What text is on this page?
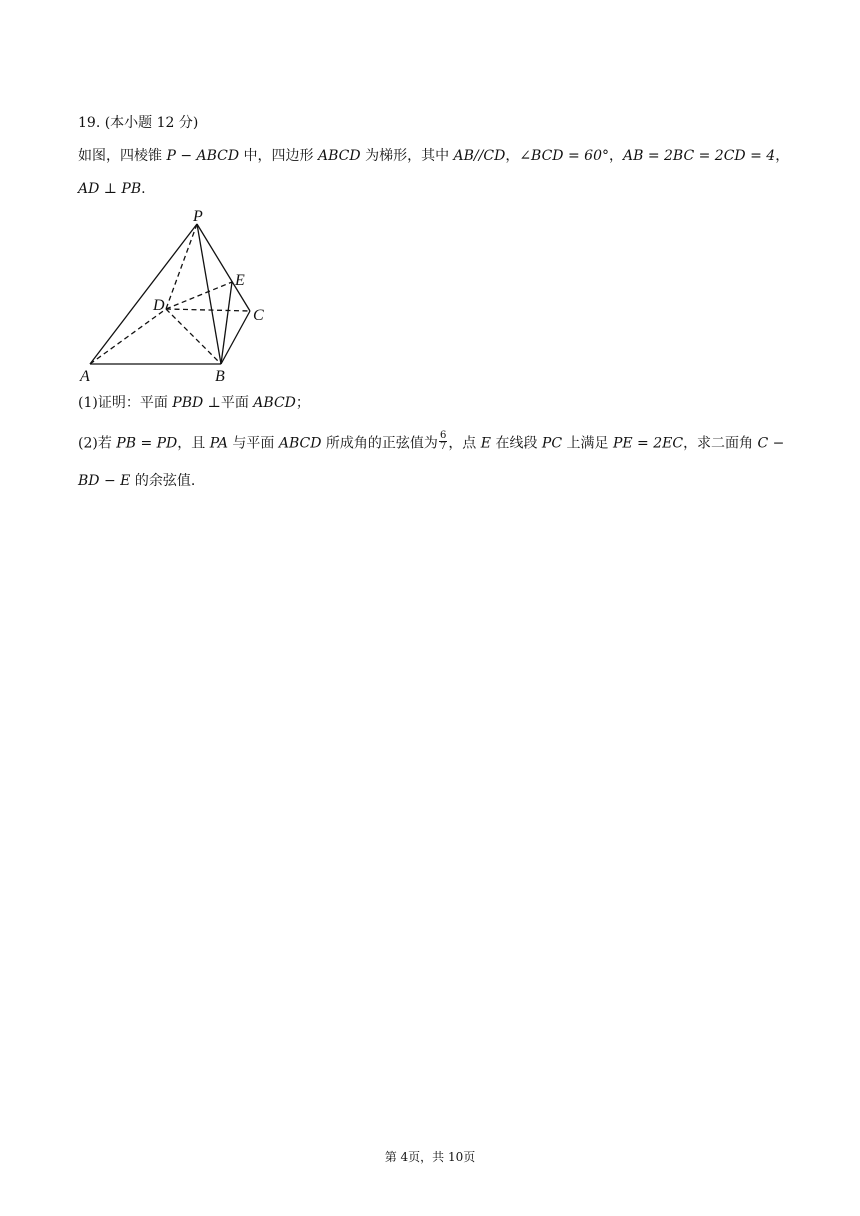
19. (本小题 12 分)
如图，四棱锥 P − ABCD 中，四边形 ABCD 为梯形，其中 AB//CD，∠BCD = 60°，AB = 2BC = 2CD = 4，
AD ⊥ PB.
P
E
D
C
A	B
(1)证明：平面 PBD ⊥平面 ABCD；
(2)若 PB = PD，且 PA 与平面 ABCD 所成角的正弦值为 $\frac{6}{7}$ ，点 E 在线段 PC 上满足 PE = 2EC，求二面角 C −
BD − E 的余弦值.
第 4页，共 10页
